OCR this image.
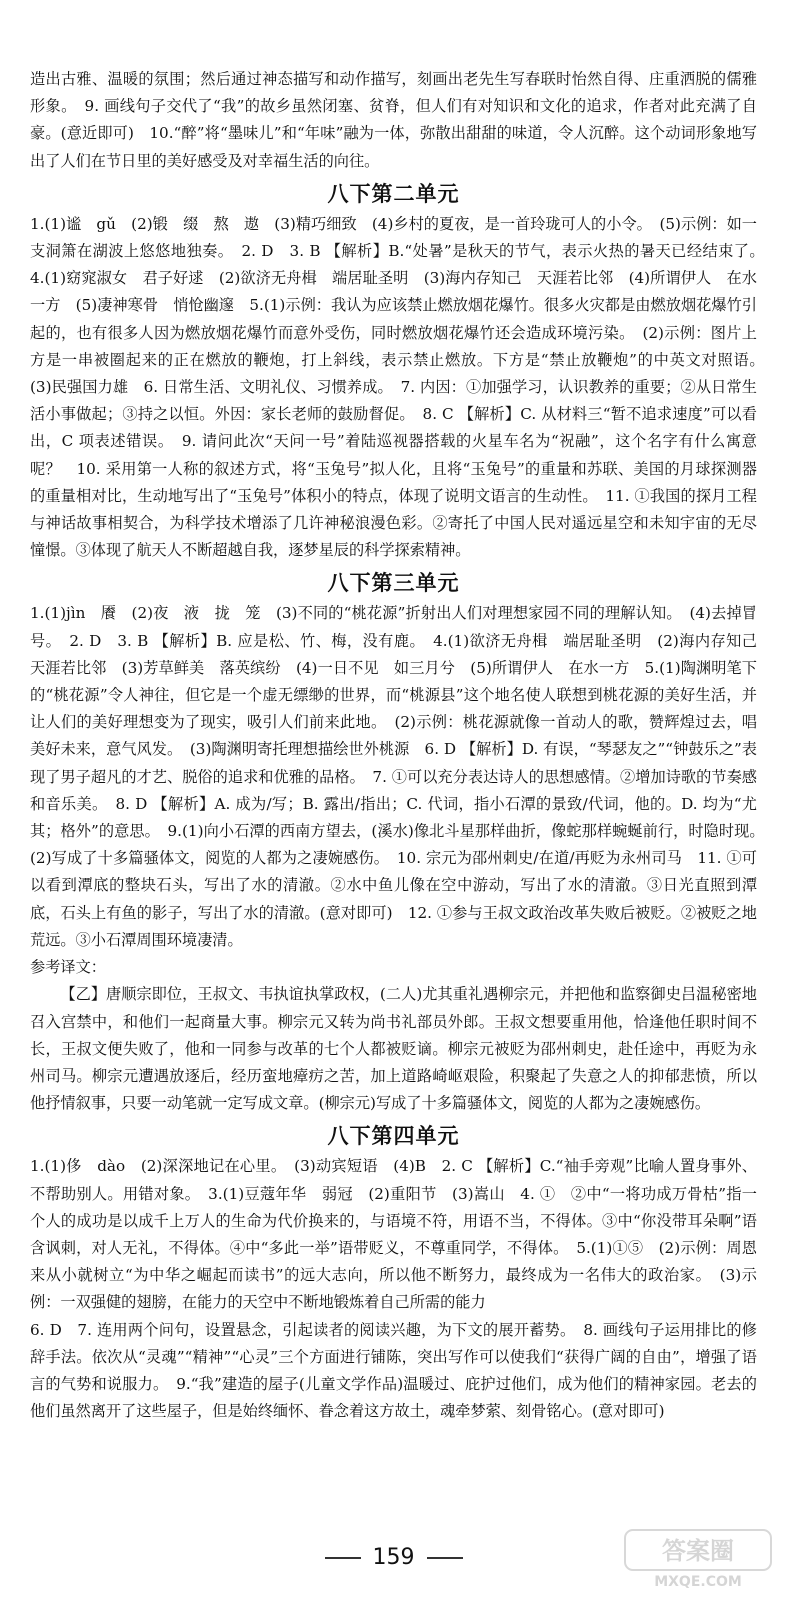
造出古雅、温暖的氛围；然后通过神态描写和动作描写，刻画出老先生写春联时怡然自得、庄重洒脱的儒雅形象。　9. 画线句子交代了“我”的故乡虽然闭塞、贫脊，但人们有对知识和文化的追求，作者对此充满了自豪。(意近即可)　10.“醉”将“墨味儿”和“年味”融为一体，弥散出甜甜的味道，令人沉醉。这个动词形象地写出了人们在节日里的美好感受及对幸福生活的向往。

八下第二单元

1.(1)谧　gǔ　(2)锻　缀　熬　遨　(3)精巧细致　(4)乡村的夏夜，是一首玲珑可人的小令。　(5)示例：如一支洞箫在湖波上悠悠地独奏。　2. D　3. B 【解析】B.“处暑”是秋天的节气，表示火热的暑天已经结束了。　4.(1)窈窕淑女　君子好逑　(2)欲济无舟楫　端居耻圣明　(3)海内存知己　天涯若比邻　(4)所谓伊人　在水一方　(5)凄神寒骨　悄怆幽邃　5.(1)示例：我认为应该禁止燃放烟花爆竹。很多火灾都是由燃放烟花爆竹引起的，也有很多人因为燃放烟花爆竹而意外受伤，同时燃放烟花爆竹还会造成环境污染。　(2)示例：图片上方是一串被圈起来的正在燃放的鞭炮，打上斜线，表示禁止燃放。下方是“禁止放鞭炮”的中英文对照语。　(3)民强国力雄　6. 日常生活、文明礼仪、习惯养成。　7. 内因：①加强学习，认识教养的重要；②从日常生活小事做起；③持之以恒。外因：家长老师的鼓励督促。　8. C 【解析】C. 从材料三“暂不追求速度”可以看出，C 项表述错误。　9. 请问此次“天问一号”着陆巡视器搭载的火星车名为“祝融”，这个名字有什么寓意呢？　10. 采用第一人称的叙述方式，将“玉兔号”拟人化，且将“玉兔号”的重量和苏联、美国的月球探测器的重量相对比，生动地写出了“玉兔号”体积小的特点，体现了说明文语言的生动性。　11. ①我国的探月工程与神话故事相契合，为科学技术增添了几许神秘浪漫色彩。②寄托了中国人民对遥远星空和未知宇宙的无尽憧憬。③体现了航天人不断超越自我，逐梦星辰的科学探索精神。

八下第三单元

1.(1)jìn　餍　(2)夜　液　拢　笼　(3)不同的“桃花源”折射出人们对理想家园不同的理解认知。　(4)去掉冒号。　2. D　3. B 【解析】B. 应是松、竹、梅，没有鹿。　4.(1)欲济无舟楫　端居耻圣明　(2)海内存知己　天涯若比邻　(3)芳草鲜美　落英缤纷　(4)一日不见　如三月兮　(5)所谓伊人　在水一方　5.(1)陶渊明笔下的“桃花源”令人神往，但它是一个虚无缥缈的世界，而“桃源县”这个地名使人联想到桃花源的美好生活，并让人们的美好理想变为了现实，吸引人们前来此地。　(2)示例：桃花源就像一首动人的歌，赞辉煌过去，唱美好未来，意气风发。　(3)陶渊明寄托理想描绘世外桃源　6. D 【解析】D. 有误，“琴瑟友之”“钟鼓乐之”表现了男子超凡的才艺、脱俗的追求和优雅的品格。　7. ①可以充分表达诗人的思想感情。②增加诗歌的节奏感和音乐美。　8. D 【解析】A. 成为/写；B. 露出/指出；C. 代词，指小石潭的景致/代词，他的。D. 均为“尤其；格外”的意思。　9.(1)向小石潭的西南方望去，(溪水)像北斗星那样曲折，像蛇那样蜿蜒前行，时隐时现。　(2)写成了十多篇骚体文，阅览的人都为之凄婉感伤。　10. 宗元为邵州刺史/在道/再贬为永州司马　11. ①可以看到潭底的整块石头，写出了水的清澈。②水中鱼儿像在空中游动，写出了水的清澈。③日光直照到潭底，石头上有鱼的影子，写出了水的清澈。(意对即可)　12. ①参与王叔文政治改革失败后被贬。②被贬之地荒远。③小石潭周围环境凄清。

参考译文：

【乙】唐顺宗即位，王叔文、韦执谊执掌政权，(二人)尤其重礼遇柳宗元，并把他和监察御史吕温秘密地召入宫禁中，和他们一起商量大事。柳宗元又转为尚书礼部员外郎。王叔文想要重用他，恰逢他任职时间不长，王叔文便失败了，他和一同参与改革的七个人都被贬谪。柳宗元被贬为邵州刺史，赴任途中，再贬为永州司马。柳宗元遭遇放逐后，经历蛮地瘴疠之苦，加上道路崎岖艰险，积聚起了失意之人的抑郁悲愤，所以他抒情叙事，只要一动笔就一定写成文章。(柳宗元)写成了十多篇骚体文，阅览的人都为之凄婉感伤。

八下第四单元

1.(1)侈　dào　(2)深深地记在心里。　(3)动宾短语　(4)B　2. C 【解析】C.“袖手旁观”比喻人置身事外、不帮助别人。用错对象。　3.(1)豆蔻年华　弱冠　(2)重阳节　(3)嵩山　4. ①　②中“一将功成万骨枯”指一个人的成功是以成千上万人的生命为代价换来的，与语境不符，用语不当，不得体。③中“你没带耳朵啊”语含讽刺，对人无礼，不得体。④中“多此一举”语带贬义，不尊重同学，不得体。　5.(1)①⑤　(2)示例：周恩来从小就树立“为中华之崛起而读书”的远大志向，所以他不断努力，最终成为一名伟大的政治家。　(3)示例：一双强健的翅膀，在能力的天空中不断地锻炼着自己所需的能力

6. D　7. 连用两个问句，设置悬念，引起读者的阅读兴趣，为下文的展开蓄势。　8. 画线句子运用排比的修辞手法。依次从“灵魂”“精神”“心灵”三个方面进行铺陈，突出写作可以使我们“获得广阔的自由”，增强了语言的气势和说服力。　9.“我”建造的屋子(儿童文学作品)温暖过、庇护过他们，成为他们的精神家园。老去的他们虽然离开了这些屋子，但是始终缅怀、眷念着这方故土，魂牵梦萦、刻骨铭心。(意对即可)

159	答案圈
MXQE.COM
